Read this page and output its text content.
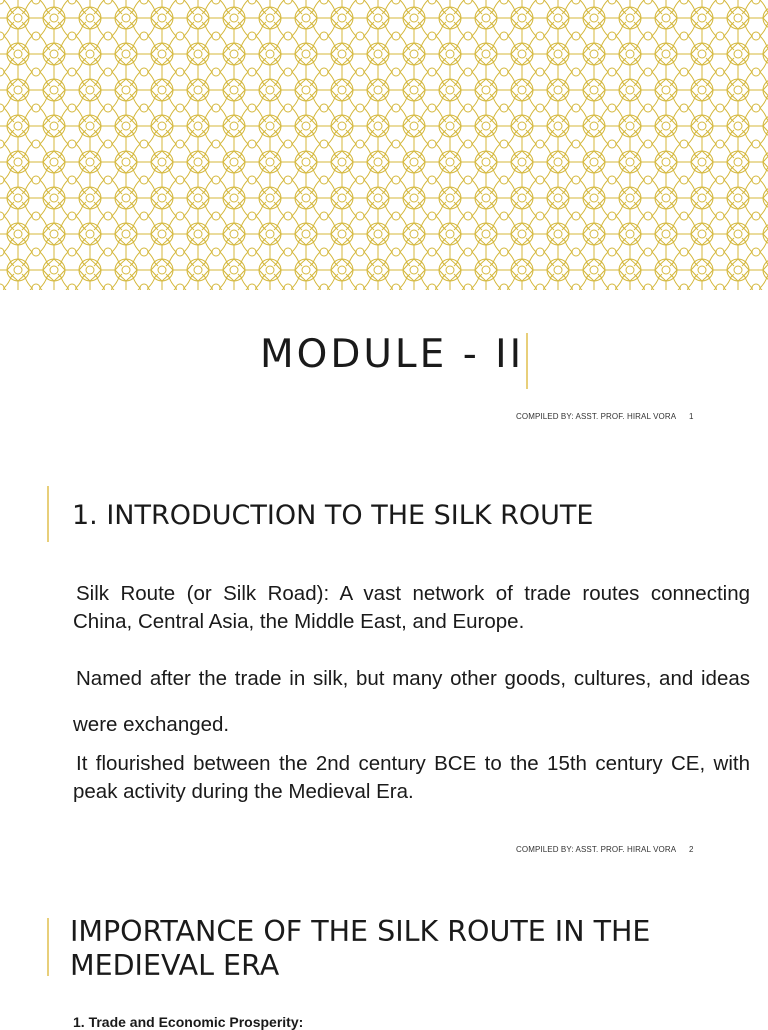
MODULE - II
COMPILED BY: ASST. PROF. HIRAL VORA 1
1. INTRODUCTION TO THE SILK ROUTE
Silk Route (or Silk Road): A vast network of trade routes connecting China, Central Asia, the Middle East, and Europe.
Named after the trade in silk, but many other goods, cultures, and ideas were exchanged.
It flourished between the 2nd century BCE to the 15th century CE, with peak activity during the Medieval Era.
COMPILED BY: ASST. PROF. HIRAL VORA 2
IMPORTANCE OF THE SILK ROUTE IN THE
MEDIEVAL ERA
1. Trade and Economic Prosperity:
